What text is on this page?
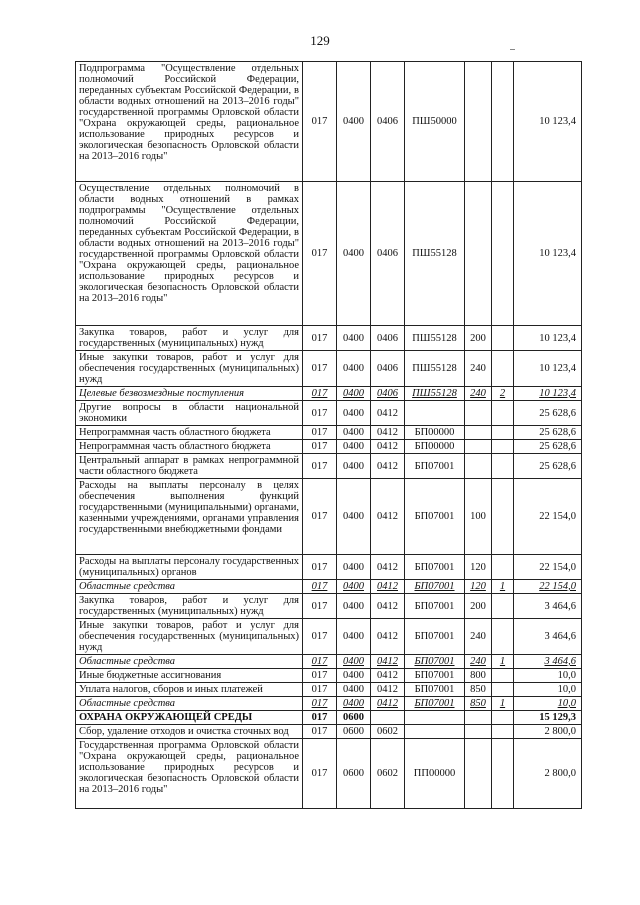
129
Подпрограмма "Осуществление отдельных полномочий Российской Федерации, переданных субъектам Российской Федерации, в области водных отношений на 2013–2016 годы" государственной программы Орловской области "Охрана окружающей среды, рациональное использование природных ресурсов и экологическая безопасность Орловской области на 2013–2016 годы"	017	0400	0406	ПШ50000			10 123,4
Осуществление отдельных полномочий в области водных отношений в рамках подпрограммы "Осуществление отдельных полномочий Российской Федерации, переданных субъектам Российской Федерации, в области водных отношений на 2013–2016 годы" государственной программы Орловской области "Охрана окружающей среды, рациональное использование природных ресурсов и экологическая безопасность Орловской области на 2013–2016 годы"	017	0400	0406	ПШ55128			10 123,4
Закупка товаров, работ и услуг для государственных (муниципальных) нужд	017	0400	0406	ПШ55128	200		10 123,4
Иные закупки товаров, работ и услуг для обеспечения государственных (муниципальных) нужд	017	0400	0406	ПШ55128	240		10 123,4
Целевые безвозмездные поступления	017	0400	0406	ПШ55128	240	2	10 123,4
Другие вопросы в области национальной экономики	017	0400	0412				25 628,6
Непрограммная часть областного бюджета	017	0400	0412	БП00000			25 628,6
Непрограммная часть областного бюджета	017	0400	0412	БП00000			25 628,6
Центральный аппарат в рамках непрограммной части областного бюджета	017	0400	0412	БП07001			25 628,6
Расходы на выплаты персоналу в целях обеспечения выполнения функций государственными (муниципальными) органами, казенными учреждениями, органами управления государственными внебюджетными фондами	017	0400	0412	БП07001	100		22 154,0
Расходы на выплаты персоналу государственных (муниципальных) органов	017	0400	0412	БП07001	120		22 154,0
Областные средства	017	0400	0412	БП07001	120	1	22 154,0
Закупка товаров, работ и услуг для государственных (муниципальных) нужд	017	0400	0412	БП07001	200		3 464,6
Иные закупки товаров, работ и услуг для обеспечения государственных (муниципальных) нужд	017	0400	0412	БП07001	240		3 464,6
Областные средства	017	0400	0412	БП07001	240	1	3 464,6
Иные бюджетные ассигнования	017	0400	0412	БП07001	800		10,0
Уплата налогов, сборов и иных платежей	017	0400	0412	БП07001	850		10,0
Областные средства	017	0400	0412	БП07001	850	1	10,0
ОХРАНА ОКРУЖАЮЩЕЙ СРЕДЫ	017	0600					15 129,3
Сбор, удаление отходов и очистка сточных вод	017	0600	0602				2 800,0
Государственная программа Орловской области "Охрана окружающей среды, рациональное использование природных ресурсов и экологическая безопасность Орловской области на 2013–2016 годы"	017	0600	0602	ПП00000			2 800,0
